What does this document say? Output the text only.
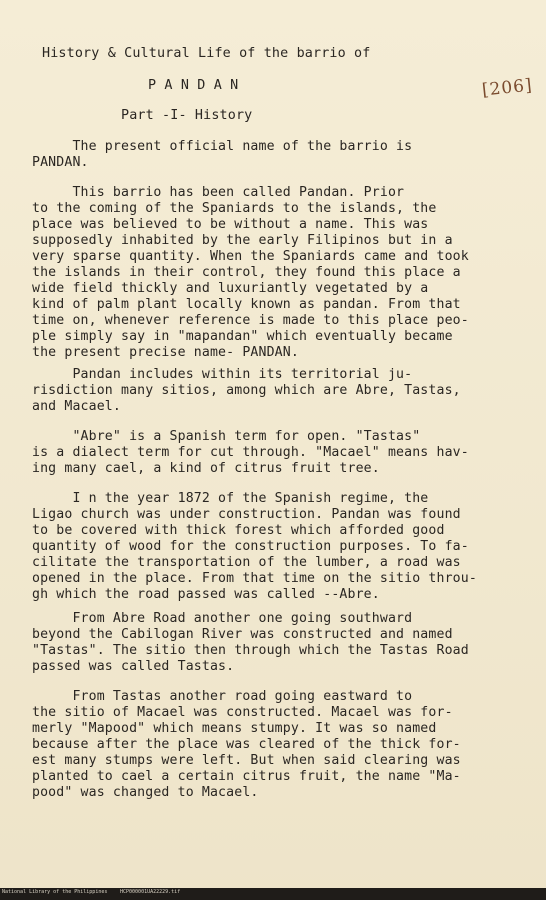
History & Cultural Life of the barrio of
P A N D A N	[206]
Part -I- History
The present official name of the barrio is
PANDAN.
This barrio has been called Pandan. Prior
to the coming of the Spaniards to the islands, the
place was believed to be without a name. This was
supposedly inhabited by the early Filipinos but in a
very sparse quantity. When the Spaniards came and took
the islands in their control, they found this place a
wide field thickly and luxuriantly vegetated by a
kind of palm plant locally known as pandan. From that
time on, whenever reference is made to this place peo-
ple simply say in "mapandan" which eventually became
the present precise name- PANDAN.
Pandan includes within its territorial ju-
risdiction many sitios, among which are Abre, Tastas,
and Macael.
"Abre" is a Spanish term for open. "Tastas"
is a dialect term for cut through. "Macael" means hav-
ing many cael, a kind of citrus fruit tree.
I n the year 1872 of the Spanish regime, the
Ligao church was under construction. Pandan was found
to be covered with thick forest which afforded good
quantity of wood for the construction purposes. To fa-
cilitate the transportation of the lumber, a road was
opened in the place. From that time on the sitio throu-
gh which the road passed was called --Abre.
From Abre Road another one going southward
beyond the Cabilogan River was constructed and named
"Tastas". The sitio then through which the Tastas Road
passed was called Tastas.
From Tastas another road going eastward to
the sitio of Macael was constructed. Macael was for-
merly "Mapood" which means stumpy. It was so named
because after the place was cleared of the thick for-
est many stumps were left. But when said clearing was
planted to cael a certain citrus fruit, the name "Ma-
pood" was changed to Macael.
National Library of the Philippines	HCP000001UA22229.tif
